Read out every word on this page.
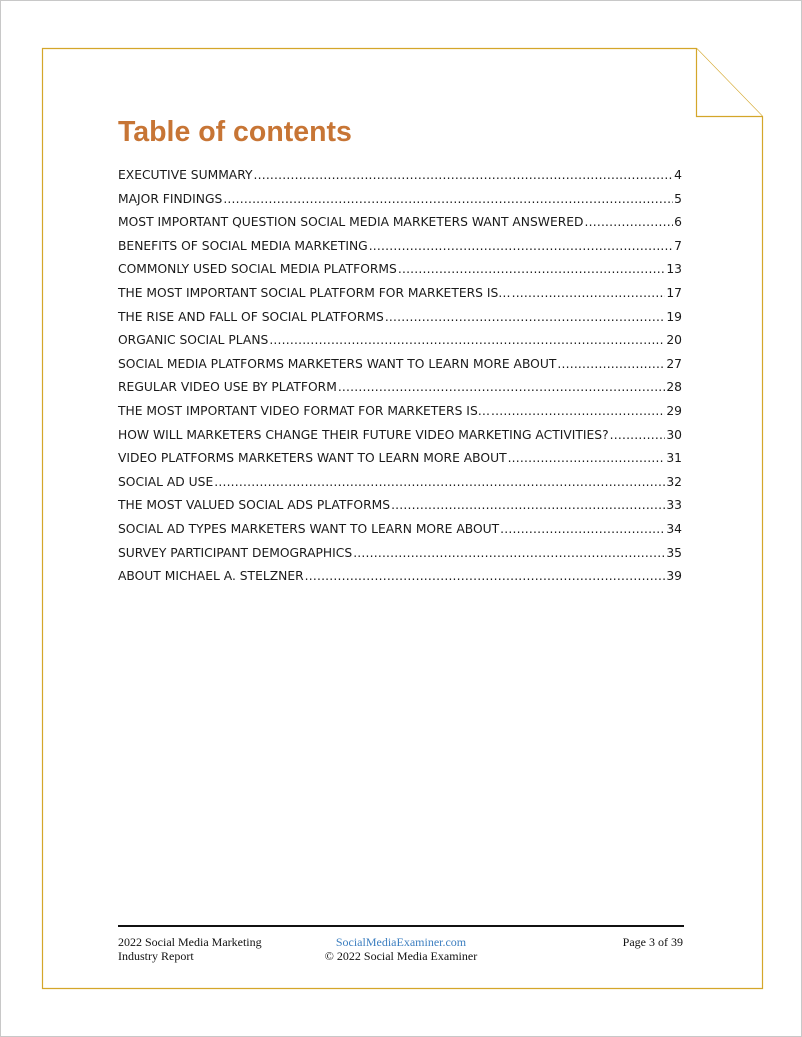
Table of contents
EXECUTIVE SUMMARY .....	4
MAJOR FINDINGS .....	5
MOST IMPORTANT QUESTION SOCIAL MEDIA MARKETERS WANT ANSWERED .....	6
BENEFITS OF SOCIAL MEDIA MARKETING .....	7
COMMONLY USED SOCIAL MEDIA PLATFORMS .....	13
THE MOST IMPORTANT SOCIAL PLATFORM FOR MARKETERS IS… .....	17
THE RISE AND FALL OF SOCIAL PLATFORMS .....	19
ORGANIC SOCIAL PLANS .....	20
SOCIAL MEDIA PLATFORMS MARKETERS WANT TO LEARN MORE ABOUT .....	27
REGULAR VIDEO USE BY PLATFORM .....	28
THE MOST IMPORTANT VIDEO FORMAT FOR MARKETERS IS… .....	29
HOW WILL MARKETERS CHANGE THEIR FUTURE VIDEO MARKETING ACTIVITIES? .....	30
VIDEO PLATFORMS MARKETERS WANT TO LEARN MORE ABOUT .....	31
SOCIAL AD USE .....	32
THE MOST VALUED SOCIAL ADS PLATFORMS .....	33
SOCIAL AD TYPES MARKETERS WANT TO LEARN MORE ABOUT .....	34
SURVEY PARTICIPANT DEMOGRAPHICS .....	35
ABOUT MICHAEL A. STELZNER .....	39
2022 Social Media Marketing
Industry Report
SocialMediaExaminer.com
© 2022 Social Media Examiner
Page 3 of 39
